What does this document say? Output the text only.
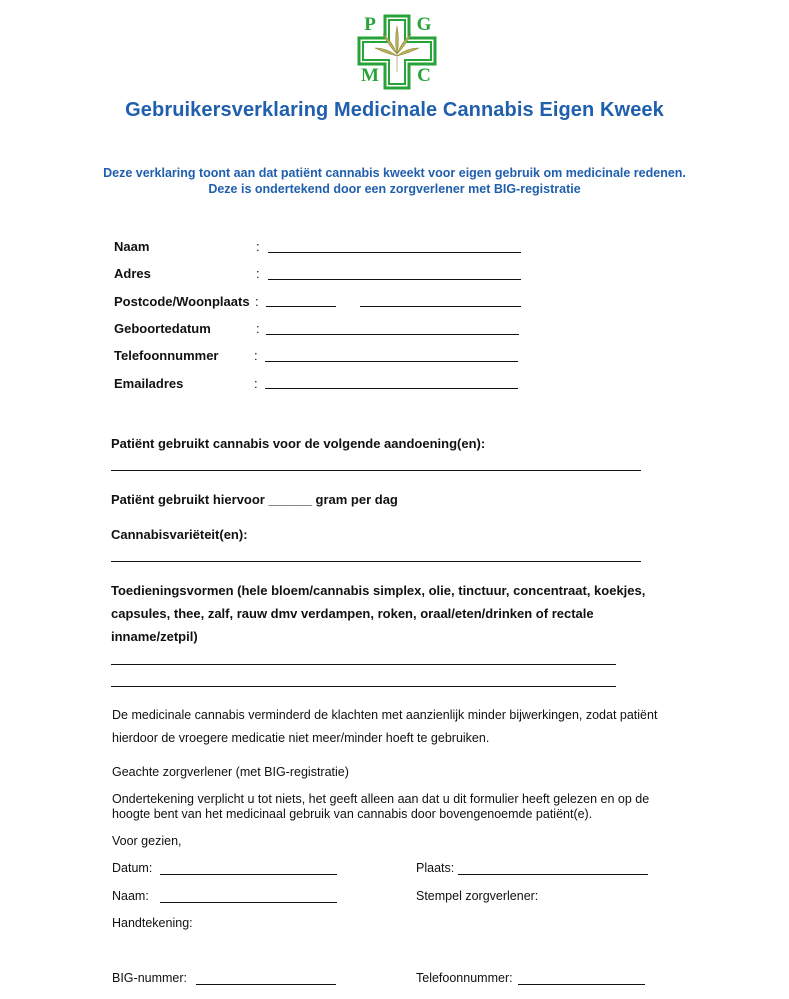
P G
M C
Gebruikersverklaring Medicinale Cannabis Eigen Kweek
Deze verklaring toont aan dat patiënt cannabis kweekt voor eigen gebruik om medicinale redenen. Deze is ondertekend door een zorgverlener met BIG-registratie
Naam	:
Adres	:
Postcode/Woonplaats :
Geboortedatum	:
Telefoonnummer	:
Emailadres	:
Patiënt gebruikt cannabis voor de volgende aandoening(en):
Patiënt gebruikt hiervoor ______ gram per dag
Cannabisvariëteit(en):
Toedieningsvormen (hele bloem/cannabis simplex, olie, tinctuur, concentraat, koekjes, capsules, thee, zalf, rauw dmv verdampen, roken, oraal/eten/drinken of rectale inname/zetpil)
De medicinale cannabis verminderd de klachten met aanzienlijk minder bijwerkingen, zodat patiënt hierdoor de vroegere medicatie niet meer/minder hoeft te gebruiken.
Geachte zorgverlener (met BIG-registratie)
Ondertekening verplicht u tot niets, het geeft alleen aan dat u dit formulier heeft gelezen en op de hoogte bent van het medicinaal gebruik van cannabis door bovengenoemde patiënt(e).
Voor gezien,
Datum:	Plaats:
Naam:	Stempel zorgverlener:
Handtekening:
BIG-nummer:	Telefoonnummer:
